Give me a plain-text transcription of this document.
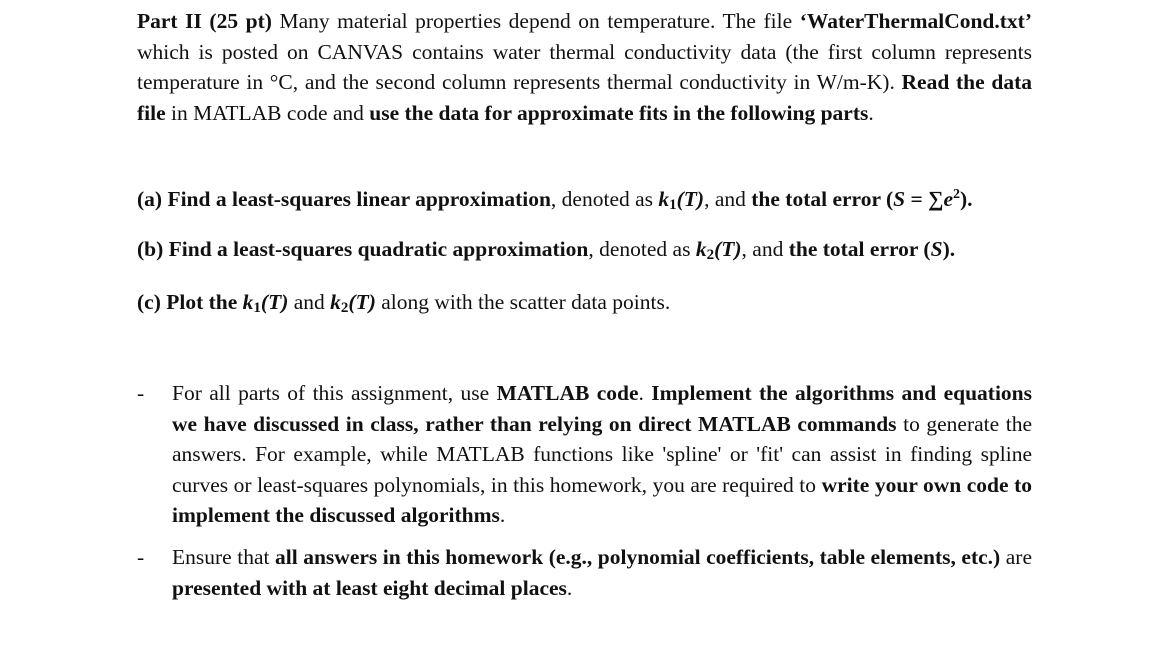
Part II (25 pt) Many material properties depend on temperature. The file ‘WaterThermalCond.txt’ which is posted on CANVAS contains water thermal conductivity data (the first column represents temperature in °C, and the second column represents thermal conductivity in W/m-K). Read the data file in MATLAB code and use the data for approximate fits in the following parts.
(a) Find a least-squares linear approximation, denoted as $k_1(T)$, and the total error $(S = \sum e^2)$.
(b) Find a least-squares quadratic approximation, denoted as $k_2(T)$, and the total error (S).
(c) Plot the $k_1(T)$ and $k_2(T)$ along with the scatter data points.
- For all parts of this assignment, use MATLAB code. Implement the algorithms and equations we have discussed in class, rather than relying on direct MATLAB commands to generate the answers. For example, while MATLAB functions like 'spline' or 'fit' can assist in finding spline curves or least-squares polynomials, in this homework, you are required to write your own code to implement the discussed algorithms.
- Ensure that all answers in this homework (e.g., polynomial coefficients, table elements, etc.) are presented with at least eight decimal places.
